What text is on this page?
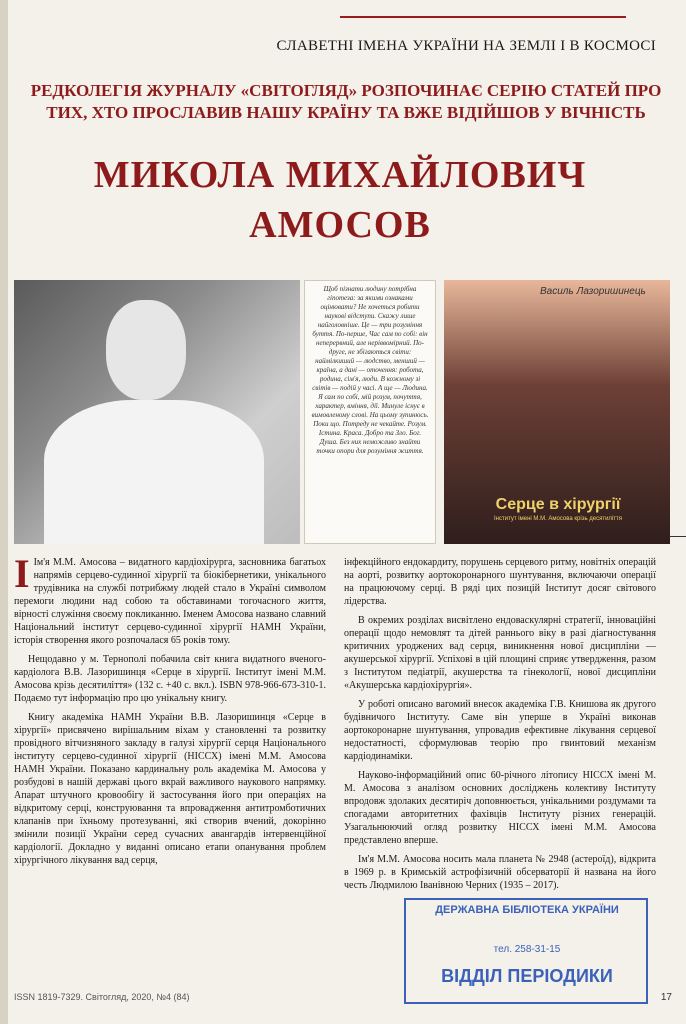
СЛАВЕТНІ ІМЕНА УКРАЇНИ НА ЗЕМЛІ І В КОСМОСІ
РЕДКОЛЕГІЯ ЖУРНАЛУ «СВІТОГЛЯД» РОЗПОЧИНАЄ СЕРІЮ СТАТЕЙ ПРО ТИХ, ХТО ПРОСЛАВИВ НАШУ КРАЇНУ ТА ВЖЕ ВІДІЙШОВ У ВІЧНІСТЬ
МИКОЛА МИХАЙЛОВИЧ
АМОСОВ
Щоб пізнати людину потрібна гіпотеза: за якими ознаками оцінювати? Не хочеться робити наукові відступи. Скажу лише найголовніше. Це — три розуміння буття. По-перше, Час сам по собі: він неперервний, але неріввомірний. По-друге, не збігаються світи: наймілкиший — людство, менший — країна, а дані — оточення: робота, родина, сім'я, люди. В кожному зі світів — подій у часі. А ще — Людина. Я сам по собі, мій розум, почуття, характер, вміння, дії. Минуле існує в вимовленому слові. На цьому зупинюсь. Поки що. Потреду не чекайте. Розум. Істина. Краса. Добро та Зло. Бог. Душа. Без них неможливо знайти точки опори для розуміння життя.
Василь Лазоришинець
Серце в хірургії
Інститут імені М.М. Амосова крізь десятиліття

І Ім'я М.М. Амосова – видатного кардіохірурга, засновника багатьох напрямів серцево-судинної хірургії та біокібернетики, унікального трудівника на службі потрибжму людей стало в Україні символом перемоги людини над собою та обставинами тогочасного життя, вірності служіння своєму покликанню. Іменем Амосова названо славний Національний інститут серцево-судинної хірургії НАМН України, історія створення якого розпочалася 65 років тому.

Нещодавно у м. Тернополі побачила світ книга видатного вченого-кардіолога В.В. Лазоришинця «Серце в хірургії. Інститут імені М.М. Амосова крізь десятиліття» (132 с. +40 с. вкл.). ISBN 978-966-673-310-1. Подаємо тут інформацію про цю унікальну книгу.

Книгу академіка НАМН України В.В. Лазоришинця «Серце в хірургії» присвячено вирішальним віхам у становленні та розвитку провідного вітчизняного закладу в галузі хірургії серця Національного інституту серцево-судинної хірургії (НІССХ) імені М.М. Амосова НАМН України. Показано кардинальну роль академіка М. Амосова у розбудові в нашій державі цього вкрай важливого наукового напрямку. Апарат штучного кровообігу й застосування його при операціях на відкритому серці, конструювання та впровадження антитромботичних клапанів при їхньому протезуванні, які створив вчений, докорінно змінили позиції України серед сучасних авангардів інтервенційної кардіології. Докладно у виданні описано етапи опанування проблем хірургічного лікування вад серця,

інфекційного ендокардиту, порушень серцевого ритму, новітніх операцій на аорті, розвитку аортокоронарного шунтування, включаючи операції на працюючому серці. В ряді цих позицій Інститут досяг світового лідерства.

В окремих розділах висвітлено ендоваскулярні стратегії, інноваційні операції щодо немовлят та дітей раннього віку в разі діагностування критичних уроджених вад серця, виникнення нової дисципліни — акушерської хірургії. Успіхові в цій площині сприяє утвердження, разом з Інститутом педіатрії, акушерства та гінекології, нової дисципліни «Акушерська кардіохірургія».

У роботі описано вагомий внесок академіка Г.В. Книшова як другого будівничого Інституту. Саме він уперше в Україні виконав аортокоронарне шунтування, упровадив ефективне лікування серцевої недостатності, сформулював теорію про гвинтовий механізм кардіодинаміки.

Науково-інформаційний опис 60-річного літопису НІССХ імені М. М. Амосова з аналізом основних досліджень колективу Інституту впродовж здолаких десятиріч доповнюється, унікальними роздумами та спогадами авторитетних фахівців Інституту різних генерацій. Узагальнюючий огляд розвитку НІССХ імені М.М. Амосова представлено вперше.

Ім'я М.М. Амосова носить мала планета № 2948 (астероїд), відкрита в 1969 р. в Кримській астрофізичній обсерваторії й названа на його честь Людмилою Іванівною Черних (1935 – 2017).

ДЕРЖАВНА БІБЛІОТЕКА УКРАЇНИ
тел. 258-31-15
ВІДДІЛ ПЕРІОДИКИ
ISSN 1819-7329. Світогляд, 2020, №4 (84)	17
